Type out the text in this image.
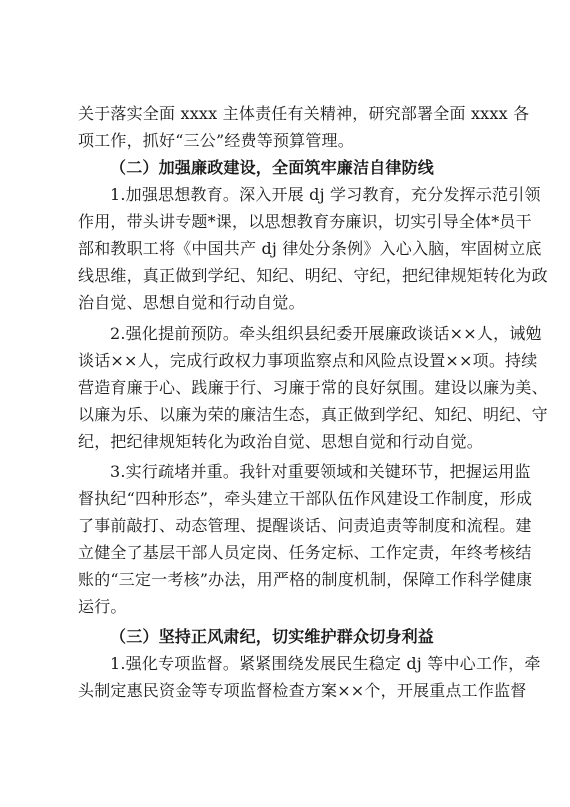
关于落实全面 xxxx 主体责任有关精神，研究部署全面 xxxx 各
项工作，抓好“三公”经费等预算管理。
（二）加强廉政建设，全面筑牢廉洁自律防线
1.加强思想教育。深入开展 dj 学习教育，充分发挥示范引领
作用，带头讲专题*课，以思想教育夯廉识，切实引导全体*员干
部和教职工将《中国共产 dj 律处分条例》入心入脑，牢固树立底
线思维，真正做到学纪、知纪、明纪、守纪，把纪律规矩转化为政
治自觉、思想自觉和行动自觉。
2.强化提前预防。牵头组织县纪委开展廉政谈话××人，诫勉
谈话××人，完成行政权力事项监察点和风险点设置××项。持续
营造育廉于心、践廉于行、习廉于常的良好氛围。建设以廉为美、
以廉为乐、以廉为荣的廉洁生态，真正做到学纪、知纪、明纪、守
纪，把纪律规矩转化为政治自觉、思想自觉和行动自觉。
3.实行疏堵并重。我针对重要领域和关键环节，把握运用监
督执纪“四种形态”，牵头建立干部队伍作风建设工作制度，形成
了事前敲打、动态管理、提醒谈话、问责追责等制度和流程。建
立健全了基层干部人员定岗、任务定标、工作定责，年终考核结
账的“三定一考核”办法，用严格的制度机制，保障工作科学健康
运行。
（三）坚持正风肃纪，切实维护群众切身利益
1.强化专项监督。紧紧围绕发展民生稳定 dj 等中心工作，牵
头制定惠民资金等专项监督检查方案××个，开展重点工作监督
